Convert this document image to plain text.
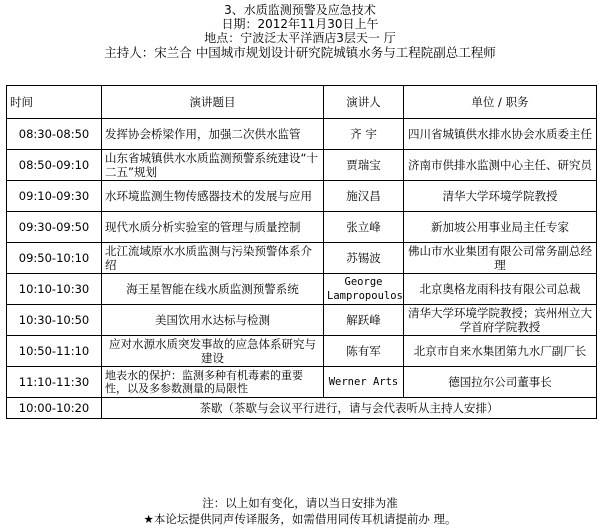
3、水质监测预警及应急技术
日期：2012年11月30日上午
地点：宁波泛太平洋酒店3层天一 厅
主持人：宋兰合 中国城市规划设计研究院城镇水务与工程院副总工程师
时间	演讲题目	演讲人	单位 / 职务
08:30-08:50	发挥协会桥梁作用，加强二次供水监管	齐 宇	四川省城镇供水排水协会水质委主任
08:50-09:10	山东省城镇供水水质监测预警系统建设“十二五”规划	贾瑞宝	济南市供排水监测中心主任、研究员
09:10-09:30	水环境监测生物传感器技术的发展与应用	施汉昌	清华大学环境学院教授
09:30-09:50	现代水质分析实验室的管理与质量控制	张立峰	新加坡公用事业局主任专家
09:50-10:10	北江流域原水水质监测与污染预警体系介绍	苏锡波	佛山市水业集团有限公司常务副总经理
10:10-10:30	海王星智能在线水质监测预警系统	George Lampropoulos	北京奥格龙雨科技有限公司总裁
10:30-10:50	美国饮用水达标与检测	解跃峰	清华大学环境学院教授；宾州州立大学首府学院教授
10:50-11:10	应对水源水质突发事故的应急体系研究与建设	陈有军	北京市自来水集团第九水厂副厂长
11:10-11:30	地表水的保护：监测多种有机毒素的重要性，以及多参数测量的局限性	Werner Arts	德国拉尔公司董事长
10:00-10:20	茶歇（茶歇与会议平行进行，请与会代表听从主持人安排）		
注：以上如有变化，请以当日安排为准
★本论坛提供同声传译服务，如需借用同传耳机请提前办 理。
